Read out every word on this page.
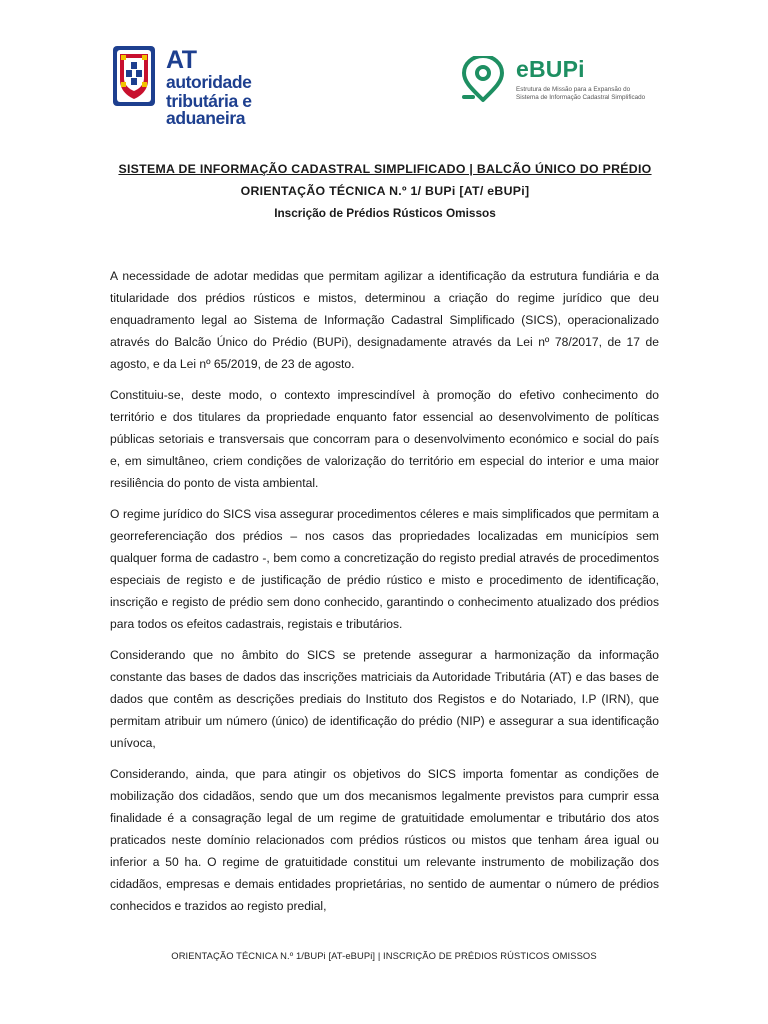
AT
autoridade
tributária e aduaneira
eBUPi
Estrutura de Missão para a Expansão do
Sistema de Informação Cadastral Simplificado
SISTEMA DE INFORMAÇÃO CADASTRAL SIMPLIFICADO | BALCÃO ÚNICO DO PRÉDIO
ORIENTAÇÃO TÉCNICA N.º 1/ BUPi [AT/ eBUPi]
Inscrição de Prédios Rústicos Omissos

A necessidade de adotar medidas que permitam agilizar a identificação da estrutura fundiária e da titularidade dos prédios rústicos e mistos, determinou a criação do regime jurídico que deu enquadramento legal ao Sistema de Informação Cadastral Simplificado (SICS), operacionalizado através do Balcão Único do Prédio (BUPi), designadamente através da Lei nº 78/2017, de 17 de agosto, e da Lei nº 65/2019, de 23 de agosto.

Constituiu-se, deste modo, o contexto imprescindível à promoção do efetivo conhecimento do território e dos titulares da propriedade enquanto fator essencial ao desenvolvimento de políticas públicas setoriais e transversais que concorram para o desenvolvimento económico e social do país e, em simultâneo, criem condições de valorização do território em especial do interior e uma maior resiliência do ponto de vista ambiental.

O regime jurídico do SICS visa assegurar procedimentos céleres e mais simplificados que permitam a georreferenciação dos prédios – nos casos das propriedades localizadas em municípios sem qualquer forma de cadastro -, bem como a concretização do registo predial através de procedimentos especiais de registo e de justificação de prédio rústico e misto e procedimento de identificação, inscrição e registo de prédio sem dono conhecido, garantindo o conhecimento atualizado dos prédios para todos os efeitos cadastrais, registais e tributários.

Considerando que no âmbito do SICS se pretende assegurar a harmonização da informação constante das bases de dados das inscrições matriciais da Autoridade Tributária (AT) e das bases de dados que contêm as descrições prediais do Instituto dos Registos e do Notariado, I.P (IRN), que permitam atribuir um número (único) de identificação do prédio (NIP) e assegurar a sua identificação unívoca,

Considerando, ainda, que para atingir os objetivos do SICS importa fomentar as condições de mobilização dos cidadãos, sendo que um dos mecanismos legalmente previstos para cumprir essa finalidade é a consagração legal de um regime de gratuitidade emolumentar e tributário dos atos praticados neste domínio relacionados com prédios rústicos ou mistos que tenham área igual ou inferior a 50 ha. O regime de gratuitidade constitui um relevante instrumento de mobilização dos cidadãos, empresas e demais entidades proprietárias, no sentido de aumentar o número de prédios conhecidos e trazidos ao registo predial,

ORIENTAÇÃO TÉCNICA N.º 1/BUPi [AT-eBUPi] | INSCRIÇÃO DE PRÉDIOS RÚSTICOS OMISSOS
